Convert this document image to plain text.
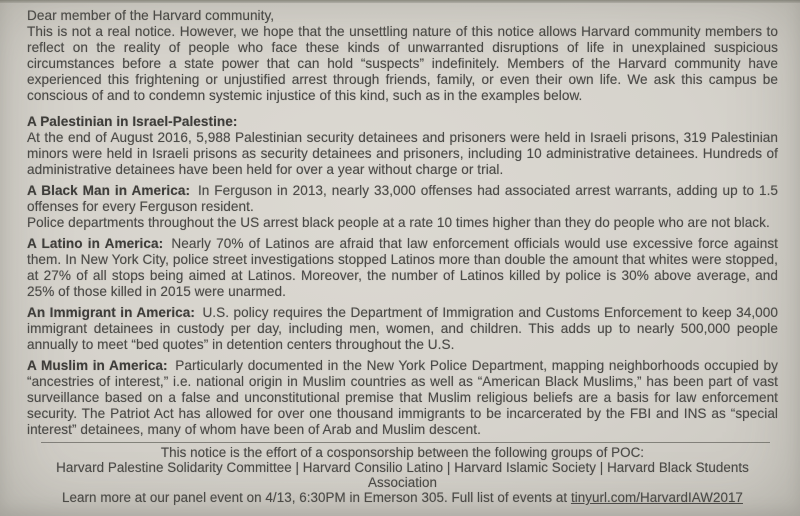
Dear member of the Harvard community,

This is not a real notice. However, we hope that the unsettling nature of this notice allows Harvard community members to reflect on the reality of people who face these kinds of unwarranted disruptions of life in unexplained suspicious circumstances before a state power that can hold “suspects” indefinitely. Members of the Harvard community have experienced this frightening or unjustified arrest through friends, family, or even their own life. We ask this campus be conscious of and to condemn systemic injustice of this kind, such as in the examples below.

A Palestinian in Israel-Palestine:

At the end of August 2016, 5,988 Palestinian security detainees and prisoners were held in Israeli prisons, 319 Palestinian minors were held in Israeli prisons as security detainees and prisoners, including 10 administrative detainees. Hundreds of administrative detainees have been held for over a year without charge or trial.

A Black Man in America: In Ferguson in 2013, nearly 33,000 offenses had associated arrest warrants, adding up to 1.5 offenses for every Ferguson resident.

Police departments throughout the US arrest black people at a rate 10 times higher than they do people who are not black.

A Latino in America: Nearly 70% of Latinos are afraid that law enforcement officials would use excessive force against them. In New York City, police street investigations stopped Latinos more than double the amount that whites were stopped, at 27% of all stops being aimed at Latinos. Moreover, the number of Latinos killed by police is 30% above average, and 25% of those killed in 2015 were unarmed.

An Immigrant in America: U.S. policy requires the Department of Immigration and Customs Enforcement to keep 34,000 immigrant detainees in custody per day, including men, women, and children. This adds up to nearly 500,000 people annually to meet “bed quotes” in detention centers throughout the U.S.

A Muslim in America: Particularly documented in the New York Police Department, mapping neighborhoods occupied by “ancestries of interest,” i.e. national origin in Muslim countries as well as “American Black Muslims,” has been part of vast surveillance based on a false and unconstitutional premise that Muslim religious beliefs are a basis for law enforcement security. The Patriot Act has allowed for over one thousand immigrants to be incarcerated by the FBI and INS as “special interest” detainees, many of whom have been of Arab and Muslim descent.

This notice is the effort of a cosponsorship between the following groups of POC:

Harvard Palestine Solidarity Committee | Harvard Consilio Latino | Harvard Islamic Society | Harvard Black Students Association

Learn more at our panel event on 4/13, 6:30PM in Emerson 305. Full list of events at tinyurl.com/HarvardIAW2017
